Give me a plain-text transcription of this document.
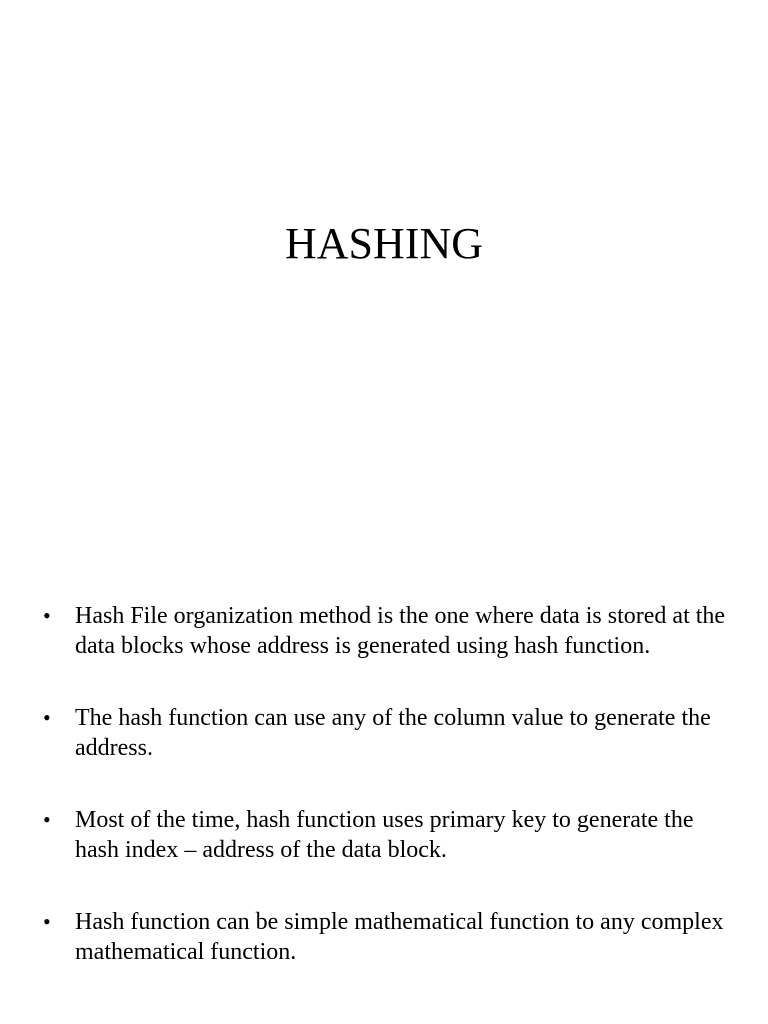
HASHING
• Hash File organization method is the one where data is stored at the data blocks whose address is generated using hash function.
• The hash function can use any of the column value to generate the address.
• Most of the time, hash function uses primary key to generate the hash index – address of the data block.
• Hash function can be simple mathematical function to any complex mathematical function.
